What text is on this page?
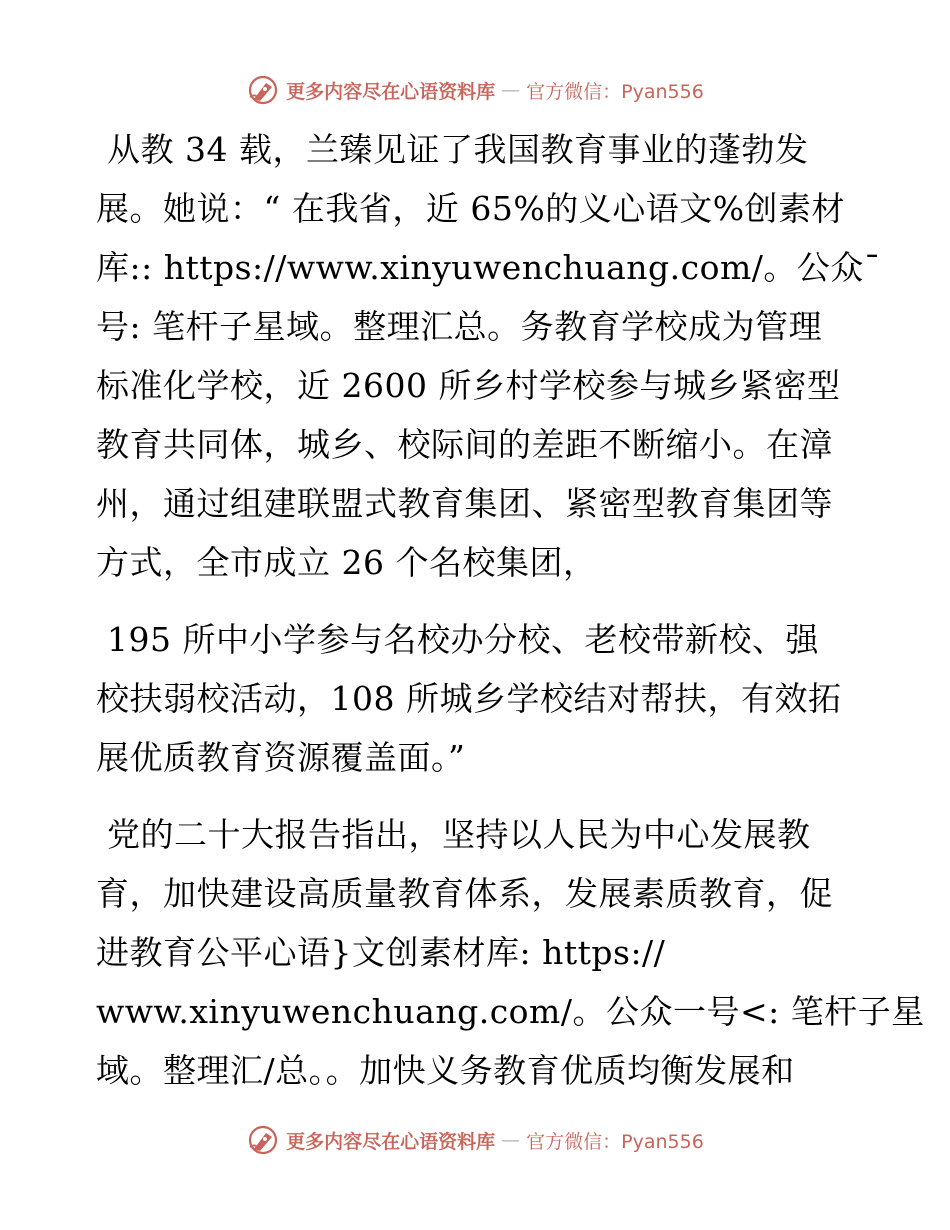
更多内容尽在心语资料库 — 官方微信：Pyan556
从教 34 载，兰臻见证了我国教育事业的蓬勃发
展。她说：“ 在我省，近 65%的义心语文%创素材
库:: https://www.xinyuwenchuang.com/。公众¯
号: 笔杆子星域。整理汇总。务教育学校成为管理
标准化学校，近 2600 所乡村学校参与城乡紧密型
教育共同体，城乡、校际间的差距不断缩小。在漳
州，通过组建联盟式教育集团、紧密型教育集团等
方式，全市成立 26 个名校集团，
195 所中小学参与名校办分校、老校带新校、强
校扶弱校活动，108 所城乡学校结对帮扶，有效拓
展优质教育资源覆盖面。”
党的二十大报告指出，坚持以人民为中心发展教
育，加快建设高质量教育体系，发展素质教育，促
进教育公平心语}文创素材库: https://
www.xinyuwenchuang.com/。公众一号<: 笔杆子星
域。整理汇/总。。加快义务教育优质均衡发展和
更多内容尽在心语资料库 — 官方微信：Pyan556
